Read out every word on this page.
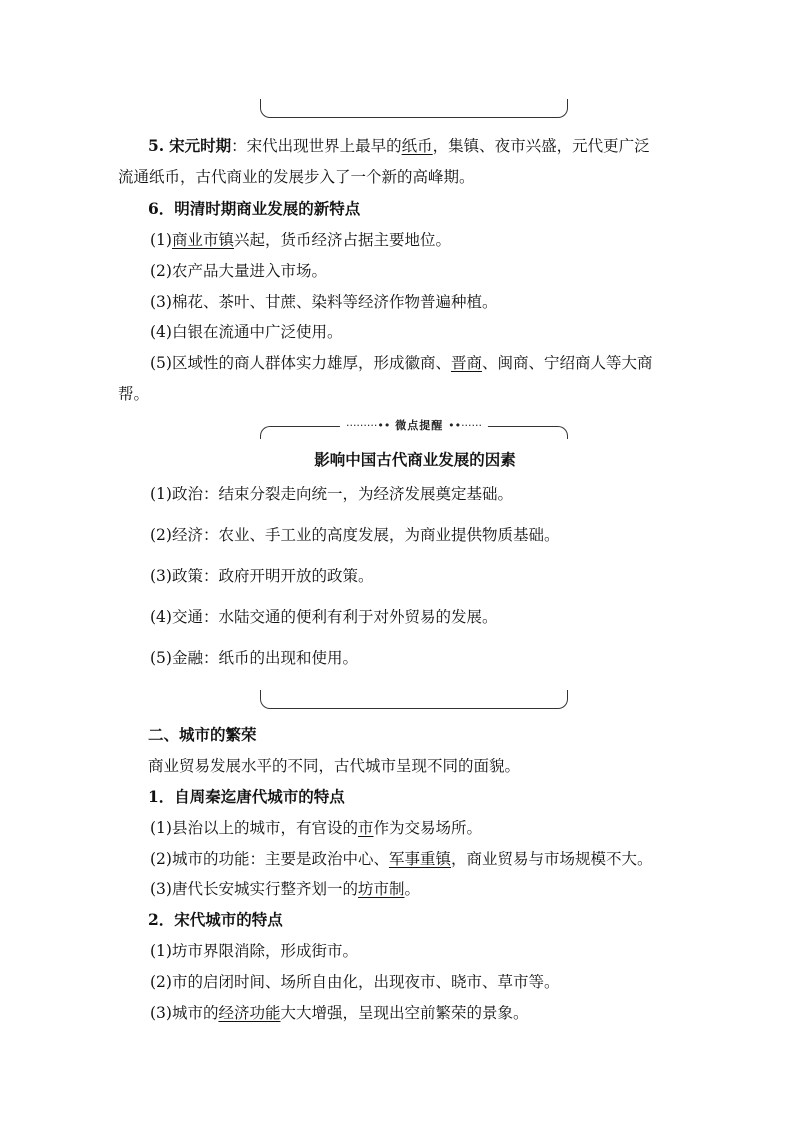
5. 宋元时期：宋代出现世界上最早的纸币，集镇、夜市兴盛，元代更广泛
流通纸币，古代商业的发展步入了一个新的高峰期。
6．明清时期商业发展的新特点
(1)商业市镇兴起，货币经济占据主要地位。
(2)农产品大量进入市场。
(3)棉花、茶叶、甘蔗、染料等经济作物普遍种植。
(4)白银在流通中广泛使用。
(5)区域性的商人群体实力雄厚，形成徽商、晋商、闽商、宁绍商人等大商
帮。
·········•• 微点提醒 ••······
影响中国古代商业发展的因素
(1)政治：结束分裂走向统一，为经济发展奠定基础。
(2)经济：农业、手工业的高度发展，为商业提供物质基础。
(3)政策：政府开明开放的政策。
(4)交通：水陆交通的便利有利于对外贸易的发展。
(5)金融：纸币的出现和使用。
二、城市的繁荣
商业贸易发展水平的不同，古代城市呈现不同的面貌。
1．自周秦迄唐代城市的特点
(1)县治以上的城市，有官设的市作为交易场所。
(2)城市的功能：主要是政治中心、军事重镇，商业贸易与市场规模不大。
(3)唐代长安城实行整齐划一的坊市制。
2．宋代城市的特点
(1)坊市界限消除，形成街市。
(2)市的启闭时间、场所自由化，出现夜市、晓市、草市等。
(3)城市的经济功能大大增强，呈现出空前繁荣的景象。
